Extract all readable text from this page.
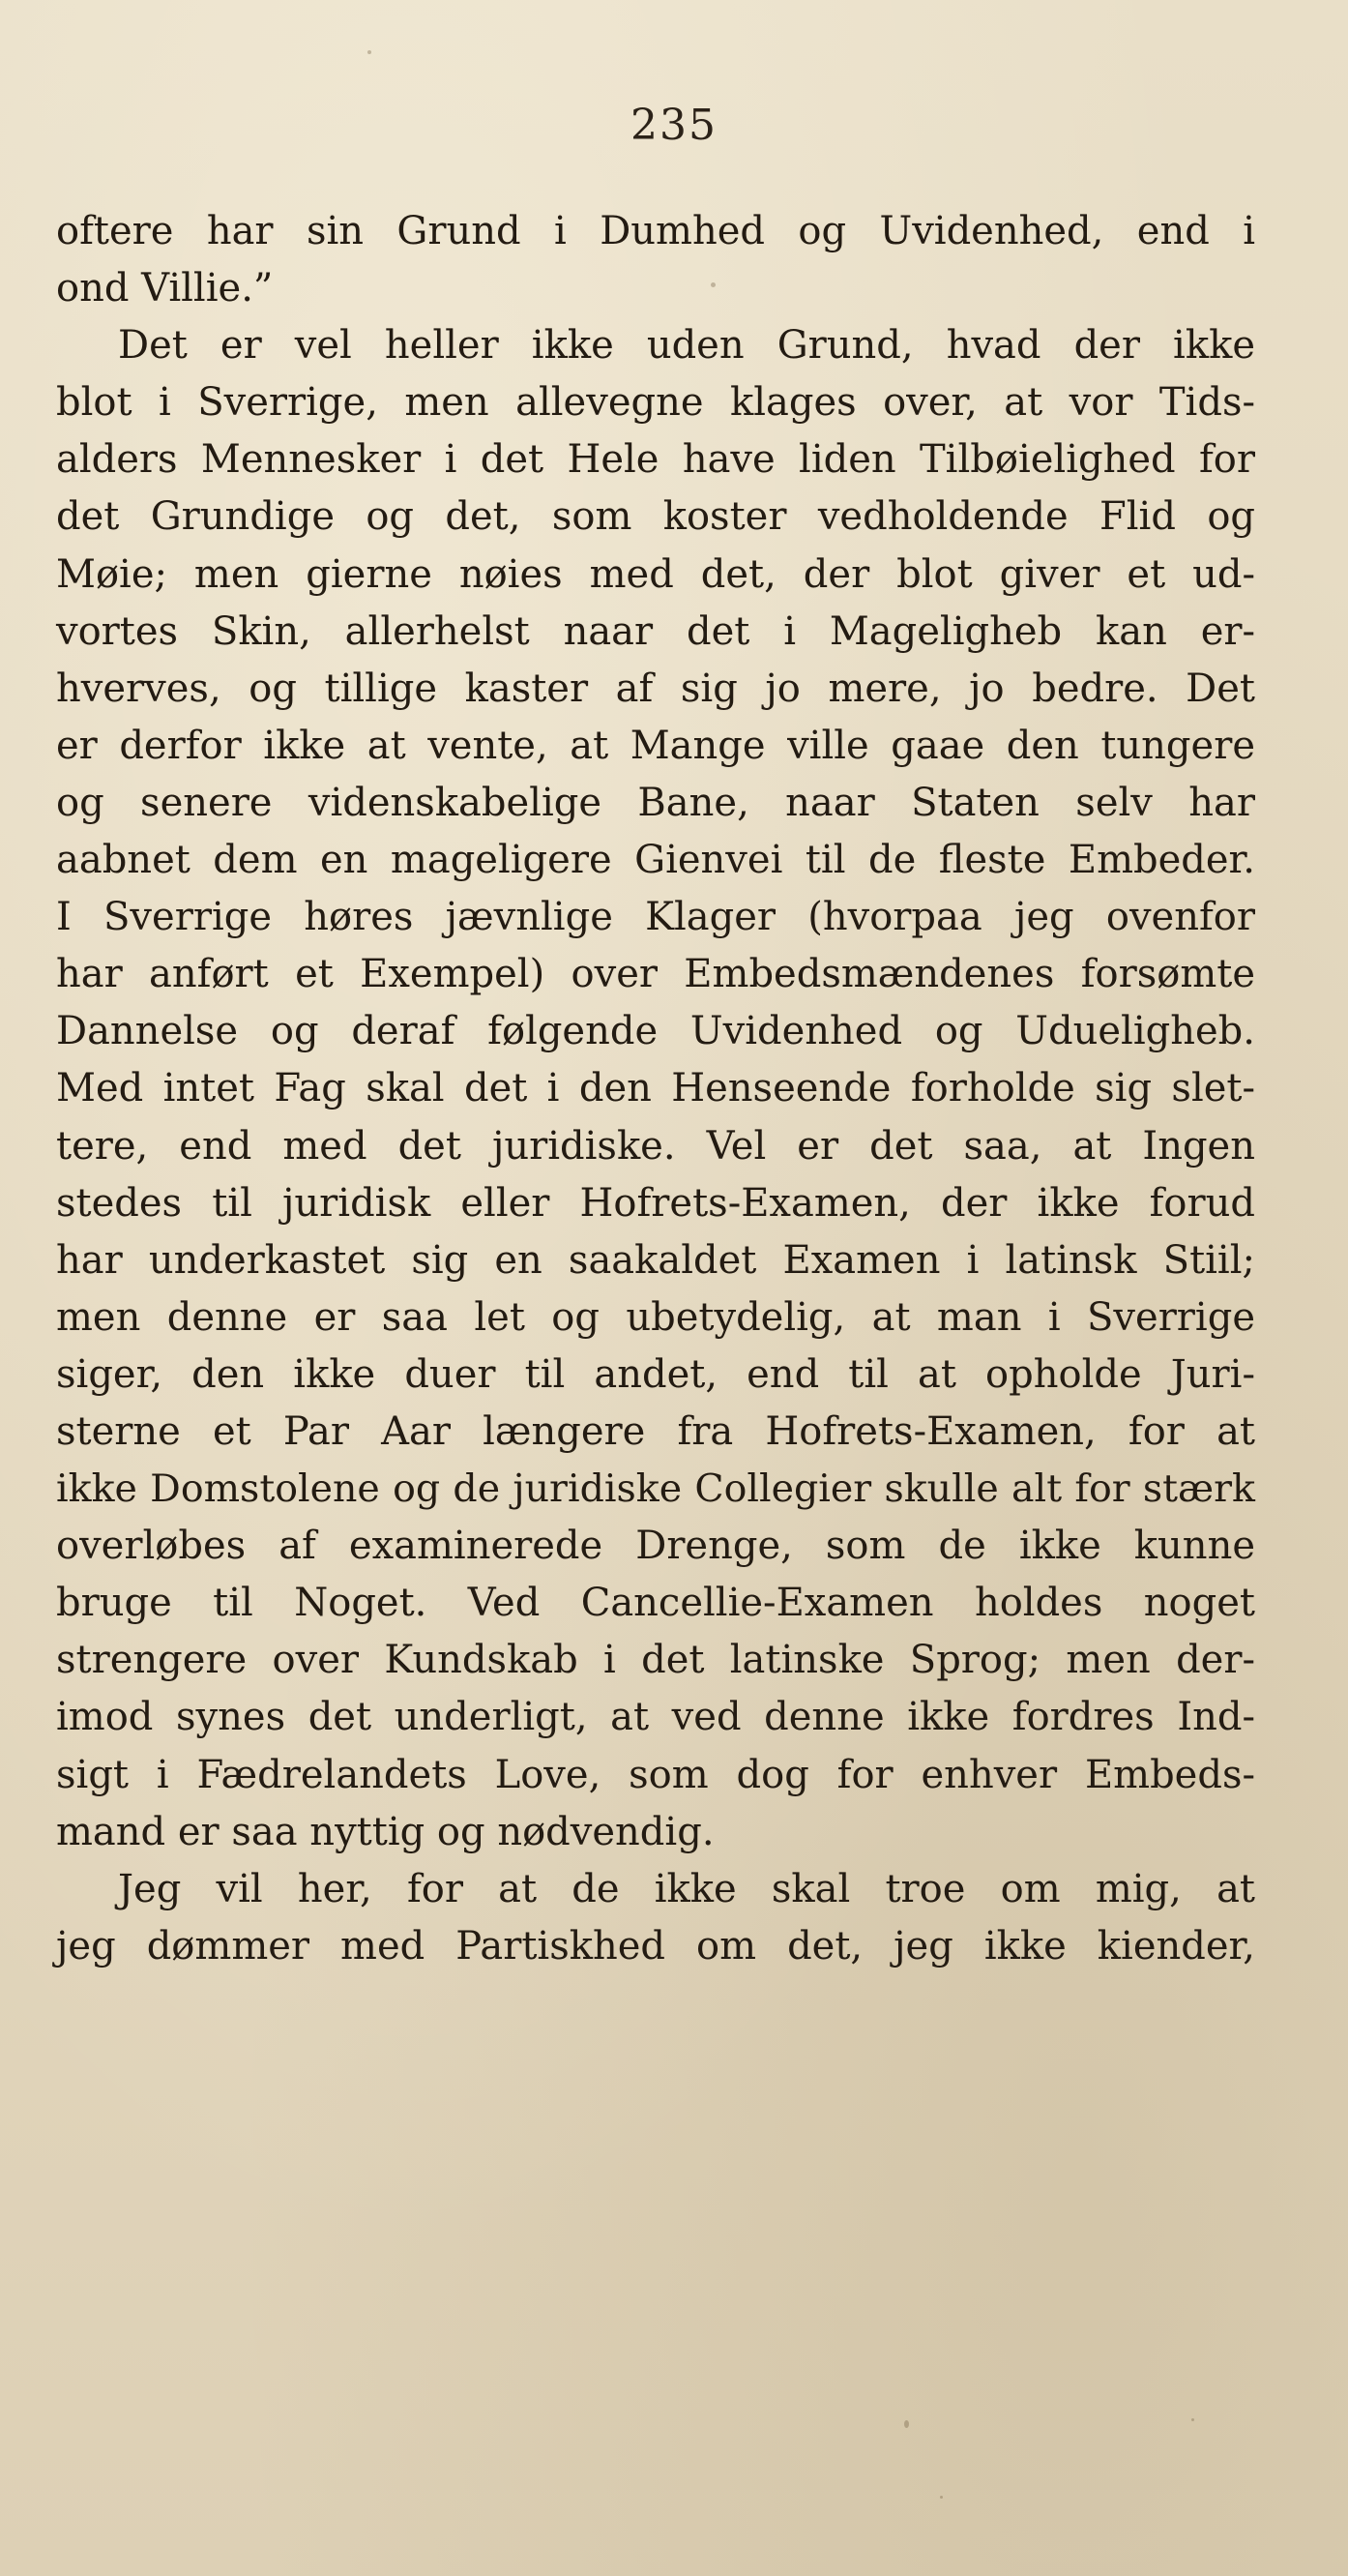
235
oftere har sin Grund i Dumhed og Uvidenhed, end i
ond Villie.”
Det er vel heller ikke uden Grund, hvad der ikke
blot i Sverrige, men allevegne klages over, at vor Tids-
alders Mennesker i det Hele have liden Tilbøielighed for
det Grundige og det, som koster vedholdende Flid og
Møie; men gierne nøies med det, der blot giver et ud-
vortes Skin, allerhelst naar det i Mageligheb kan er-
hverves, og tillige kaster af sig jo mere, jo bedre. Det
er derfor ikke at vente, at Mange ville gaae den tungere
og senere videnskabelige Bane, naar Staten selv har
aabnet dem en mageligere Gienvei til de fleste Embeder.
I Sverrige høres jævnlige Klager (hvorpaa jeg ovenfor
har anført et Exempel) over Embedsmændenes forsømte
Dannelse og deraf følgende Uvidenhed og Udueligheb.
Med intet Fag skal det i den Henseende forholde sig slet-
tere, end med det juridiske. Vel er det saa, at Ingen
stedes til juridisk eller Hofrets-Examen, der ikke forud
har underkastet sig en saakaldet Examen i latinsk Stiil;
men denne er saa let og ubetydelig, at man i Sverrige
siger, den ikke duer til andet, end til at opholde Juri-
sterne et Par Aar længere fra Hofrets-Examen, for at
ikke Domstolene og de juridiske Collegier skulle alt for stærk
overløbes af examinerede Drenge, som de ikke kunne
bruge til Noget. Ved Cancellie-Examen holdes noget
strengere over Kundskab i det latinske Sprog; men der-
imod synes det underligt, at ved denne ikke fordres Ind-
sigt i Fædrelandets Love, som dog for enhver Embeds-
mand er saa nyttig og nødvendig.
Jeg vil her, for at de ikke skal troe om mig, at
jeg dømmer med Partiskhed om det, jeg ikke kiender,
